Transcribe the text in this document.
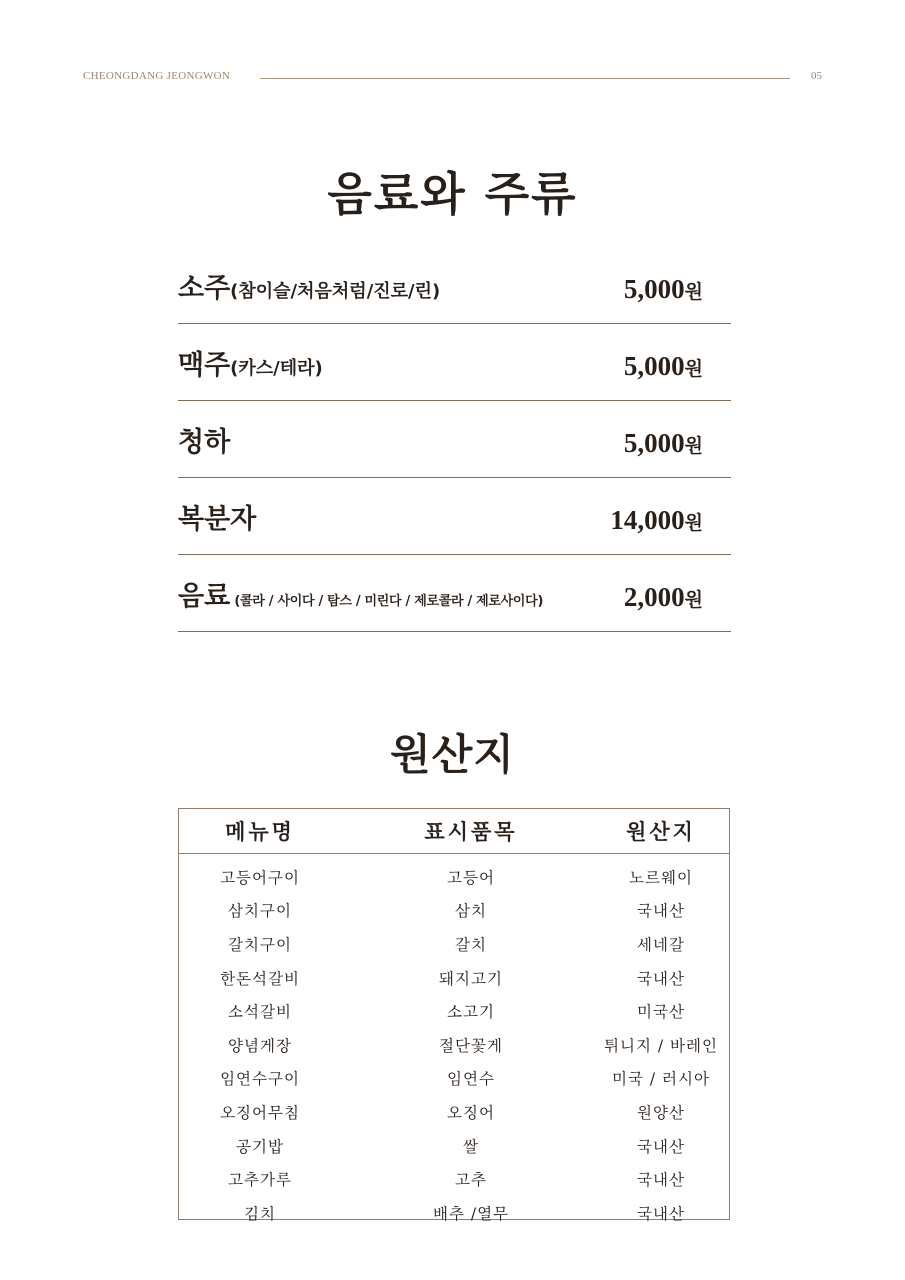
CHEONGDANG JEONGWON	05
음료와 주류
소주(참이슬/처음처럼/진로/린)	5,000원
맥주(카스/테라)	5,000원
청하	5,000원
복분자	14,000원
음료 (콜라 / 사이다 / 탐스 / 미린다 / 제로콜라 / 제로사이다)	2,000원
원산지
메뉴명	표시품목	원산지
고등어구이	고등어	노르웨이
삼치구이	삼치	국내산
갈치구이	갈치	세네갈
한돈석갈비	돼지고기	국내산
소석갈비	소고기	미국산
양념게장	절단꽃게	튀니지 / 바레인
임연수구이	임연수	미국 / 러시아
오징어무침	오징어	원양산
공기밥	쌀	국내산
고추가루	고추	국내산
김치	배추 /열무	국내산
